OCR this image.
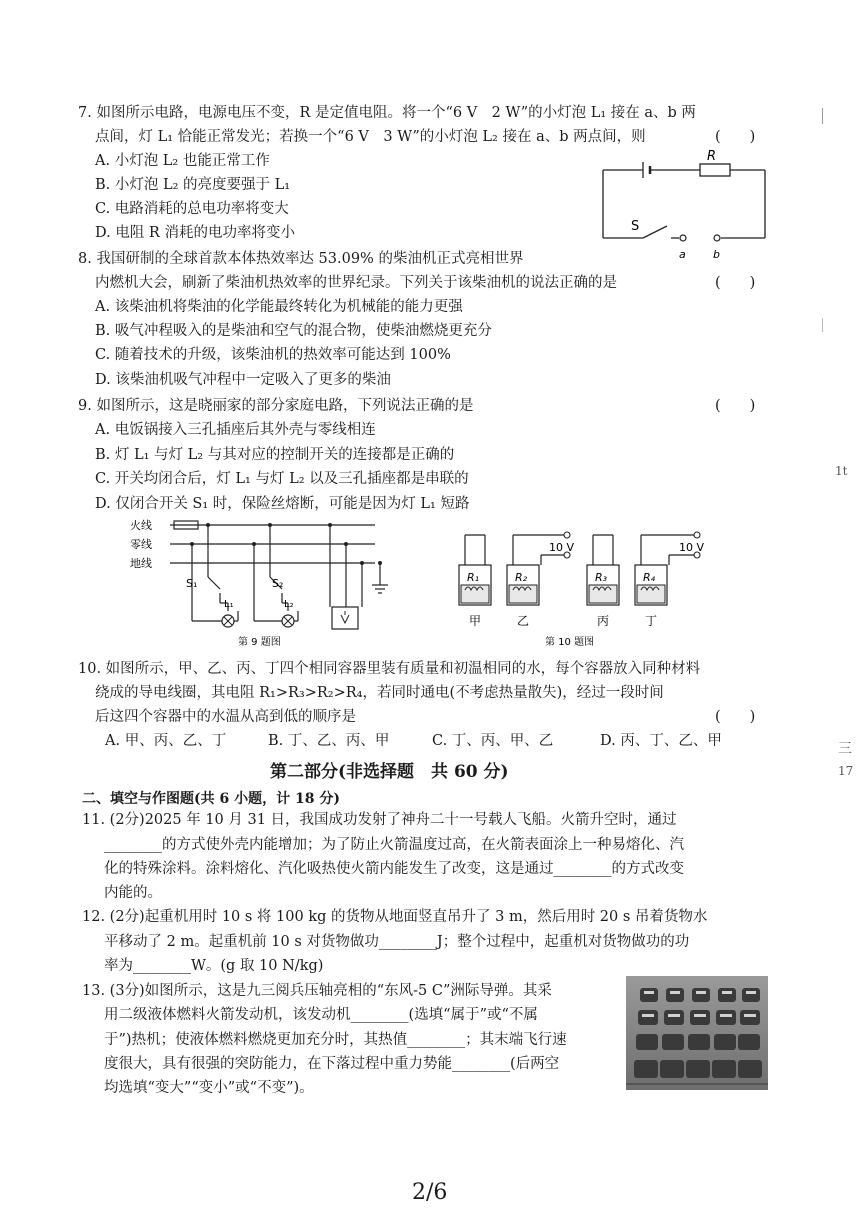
7. 如图所示电路，电源电压不变，R 是定值电阻。将一个“6 V　2 W”的小灯泡 L₁ 接在 a、b 两
点间，灯 L₁ 恰能正常发光；若换一个“6 V　3 W”的小灯泡 L₂ 接在 a、b 两点间，则	(　　)
A. 小灯泡 L₂ 也能正常工作
B. 小灯泡 L₂ 的亮度要强于 L₁
C. 电路消耗的总电功率将变大
D. 电阻 R 消耗的电功率将变小
R
S
a b
8. 我国研制的全球首款本体热效率达 53.09% 的柴油机正式亮相世界
内燃机大会，刷新了柴油机热效率的世界纪录。下列关于该柴油机的说法正确的是	(　　)
A. 该柴油机将柴油的化学能最终转化为机械能的能力更强
B. 吸气冲程吸入的是柴油和空气的混合物，使柴油燃烧更充分
C. 随着技术的升级，该柴油机的热效率可能达到 100%
D. 该柴油机吸气冲程中一定吸入了更多的柴油
9. 如图所示，这是晓丽家的部分家庭电路，下列说法正确的是	(　　)
A. 电饭锅接入三孔插座后其外壳与零线相连
B. 灯 L₁ 与灯 L₂ 与其对应的控制开关的连接都是正确的
C. 开关均闭合后，灯 L₁ 与灯 L₂ 以及三孔插座都是串联的
D. 仅闭合开关 S₁ 时，保险丝熔断，可能是因为灯 L₁ 短路
火线
零线
地线
S₁	S₂
L₁	L₂
第 9 题图
10 V	10 V
R₁	R₂	R₃	R₄
甲	乙	丙	丁
第 10 题图
10. 如图所示，甲、乙、丙、丁四个相同容器里装有质量和初温相同的水，每个容器放入同种材料
绕成的导电线圈，其电阻 R₁>R₃>R₂>R₄，若同时通电(不考虑热量散失)，经过一段时间
后这四个容器中的水温从高到低的顺序是	(　　)
A. 甲、丙、乙、丁	B. 丁、乙、丙、甲	C. 丁、丙、甲、乙	D. 丙、丁、乙、甲
第二部分(非选择题　共 60 分)
二、填空与作图题(共 6 小题，计 18 分)
11. (2分)2025 年 10 月 31 日，我国成功发射了神舟二十一号载人飞船。火箭升空时，通过
________的方式使外壳内能增加；为了防止火箭温度过高，在火箭表面涂上一种易熔化、汽
化的特殊涂料。涂料熔化、汽化吸热使火箭内能发生了改变，这是通过________的方式改变
内能的。
12. (2分)起重机用时 10 s 将 100 kg 的货物从地面竖直吊升了 3 m，然后用时 20 s 吊着货物水
平移动了 2 m。起重机前 10 s 对货物做功________J；整个过程中，起重机对货物做功的功
率为________W。(g 取 10 N/kg)
13. (3分)如图所示，这是九三阅兵压轴亮相的“东风-5 C”洲际导弹。其采
用二级液体燃料火箭发动机，该发动机________(选填“属于”或“不属
于”)热机；使液体燃料燃烧更加充分时，其热值________；其末端飞行速
度很大，具有很强的突防能力，在下落过程中重力势能________(后两空
均选填“变大”“变小”或“不变”)。
1t
三
17
2/6
